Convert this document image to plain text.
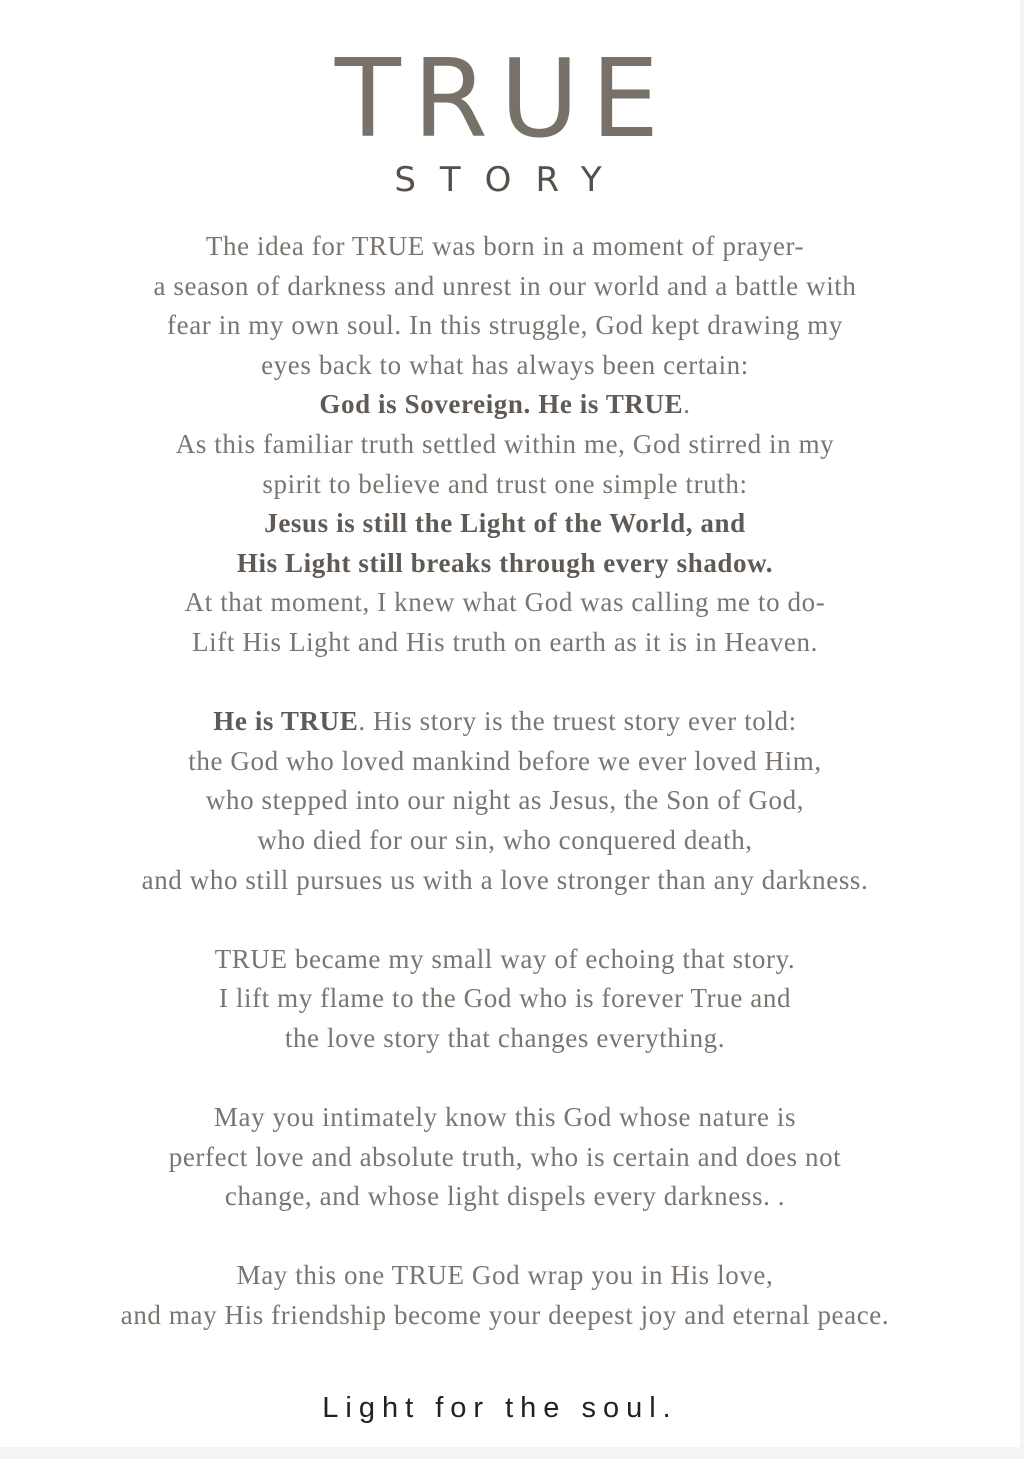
TRUE
STORY
The idea for TRUE was born in a moment of prayer-
a season of darkness and unrest in our world and a battle with
fear in my own soul. In this struggle, God kept drawing my
eyes back to what has always been certain:
God is Sovereign. He is TRUE.
As this familiar truth settled within me, God stirred in my
spirit to believe and trust one simple truth:
Jesus is still the Light of the World, and
His Light still breaks through every shadow.
At that moment, I knew what God was calling me to do-
Lift His Light and His truth on earth as it is in Heaven.
He is TRUE. His story is the truest story ever told:
the God who loved mankind before we ever loved Him,
who stepped into our night as Jesus, the Son of God,
who died for our sin, who conquered death,
and who still pursues us with a love stronger than any darkness.
TRUE became my small way of echoing that story.
I lift my flame to the God who is forever True and
the love story that changes everything.
May you intimately know this God whose nature is
perfect love and absolute truth, who is certain and does not
change, and whose light dispels every darkness. .
May this one TRUE God wrap you in His love,
and may His friendship become your deepest joy and eternal peace.
Light for the soul.
